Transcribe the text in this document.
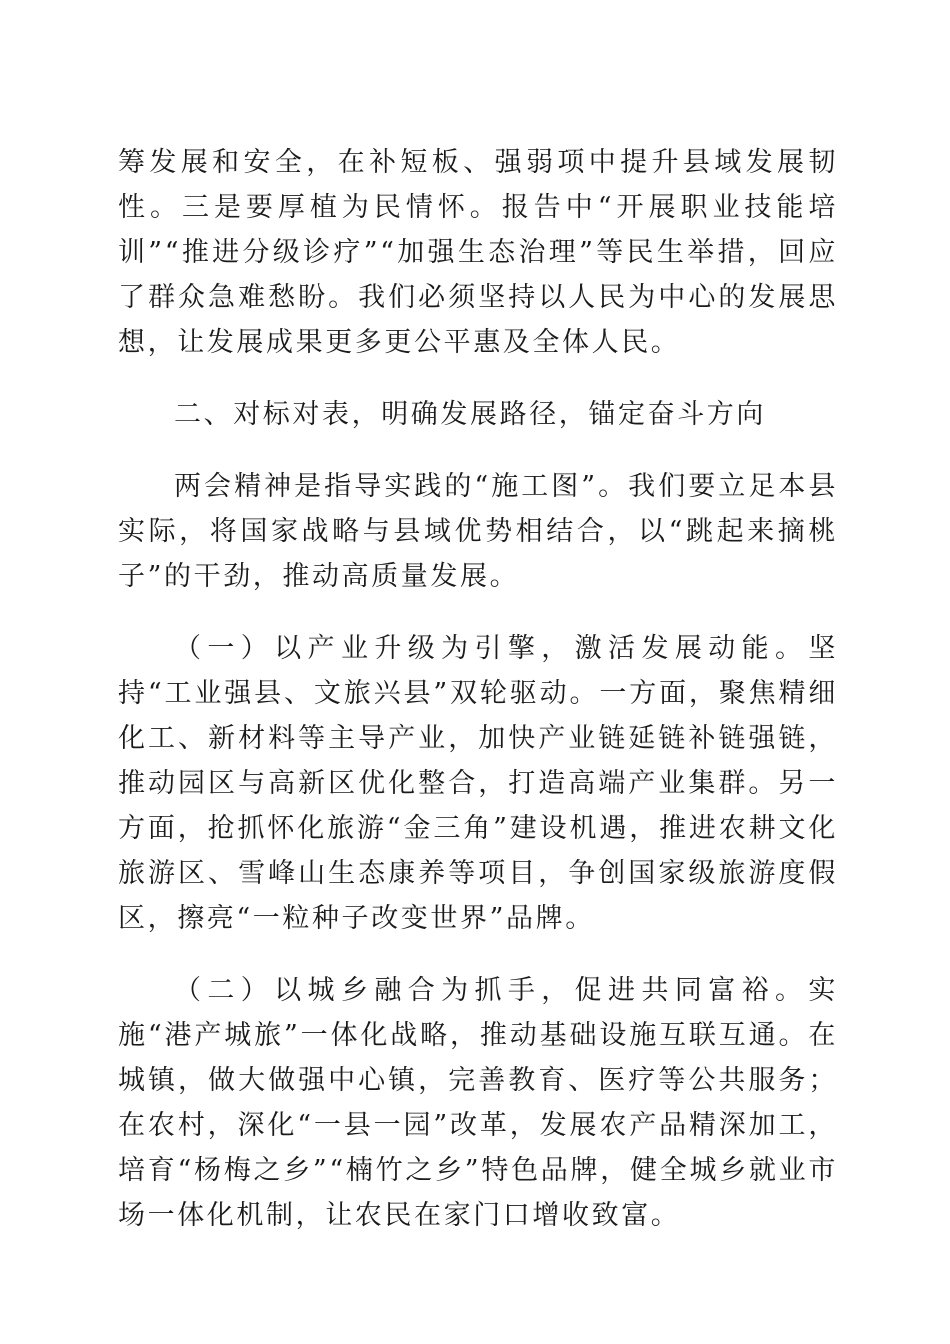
筹发展和安全，在补短板、强弱项中提升县域发展韧性。三是要厚植为民情怀。报告中“开展职业技能培训”“推进分级诊疗”“加强生态治理”等民生举措，回应了群众急难愁盼。我们必须坚持以人民为中心的发展思想，让发展成果更多更公平惠及全体人民。

二、对标对表，明确发展路径，锚定奋斗方向

两会精神是指导实践的“施工图”。我们要立足本县实际，将国家战略与县域优势相结合，以“跳起来摘桃子”的干劲，推动高质量发展。

（一）以产业升级为引擎，激活发展动能。坚持“工业强县、文旅兴县”双轮驱动。一方面，聚焦精细化工、新材料等主导产业，加快产业链延链补链强链，推动园区与高新区优化整合，打造高端产业集群。另一方面，抢抓怀化旅游“金三角”建设机遇，推进农耕文化旅游区、雪峰山生态康养等项目，争创国家级旅游度假区，擦亮“一粒种子改变世界”品牌。

（二）以城乡融合为抓手，促进共同富裕。实施“港产城旅”一体化战略，推动基础设施互联互通。在城镇，做大做强中心镇，完善教育、医疗等公共服务；在农村，深化“一县一园”改革，发展农产品精深加工，培育“杨梅之乡”“楠竹之乡”特色品牌，健全城乡就业市场一体化机制，让农民在家门口增收致富。
